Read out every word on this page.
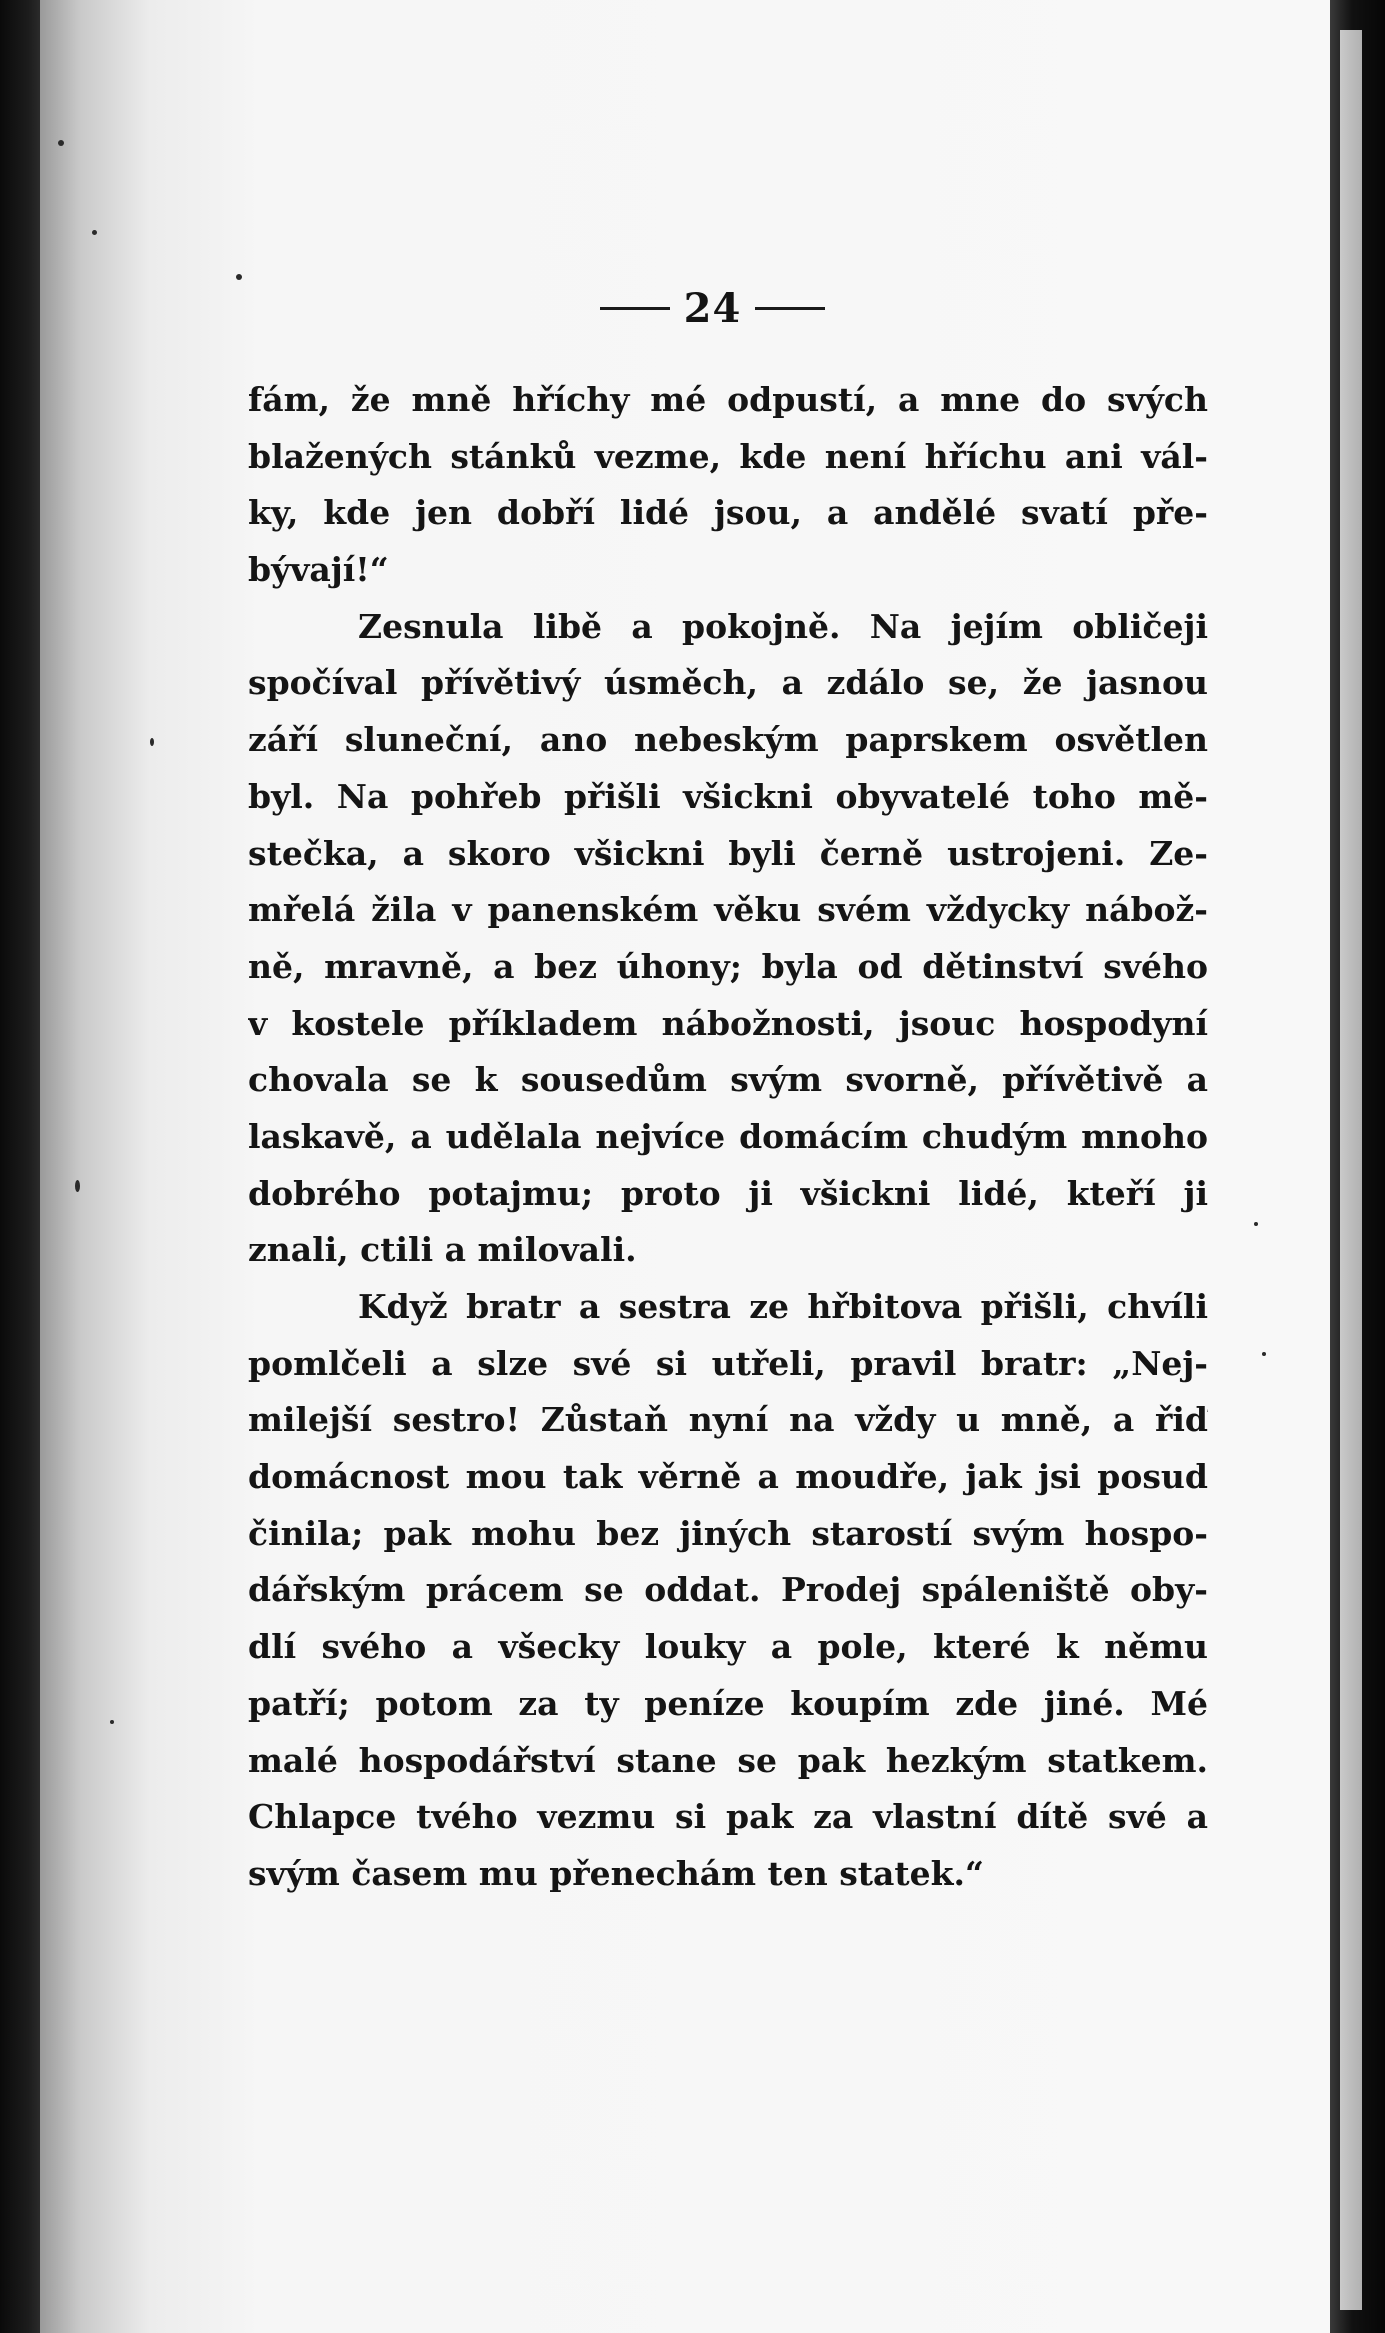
24
fám, že mně hříchy mé odpustí, a mne do svých
blažených stánků vezme, kde není hříchu ani vál-
ky, kde jen dobří lidé jsou, a andělé svatí pře-
bývají!“
Zesnula libě a pokojně. Na jejím obličeji
spočíval přívětivý úsměch, a zdálo se, že jasnou
září sluneční, ano nebeským paprskem osvětlen
byl. Na pohřeb přišli všickni obyvatelé toho mě-
stečka, a skoro všickni byli černě ustrojeni. Ze-
mřelá žila v panenském věku svém vždycky nábož-
ně, mravně, a bez úhony; byla od dětinství svého
v kostele příkladem nábožnosti, jsouc hospodyní
chovala se k sousedům svým svorně, přívětivě a
laskavě, a udělala nejvíce domácím chudým mnoho
dobrého potajmu; proto ji všickni lidé, kteří ji
znali, ctili a milovali.
Když bratr a sestra ze hřbitova přišli, chvíli
pomlčeli a slze své si utřeli, pravil bratr: „Nej-
milejší sestro! Zůstaň nyní na vždy u mně, a řiď
domácnost mou tak věrně a moudře, jak jsi posud
činila; pak mohu bez jiných starostí svým hospo-
dářským prácem se oddat. Prodej spáleniště oby-
dlí svého a všecky louky a pole, které k němu
patří; potom za ty peníze koupím zde jiné. Mé
malé hospodářství stane se pak hezkým statkem.
Chlapce tvého vezmu si pak za vlastní dítě své a
svým časem mu přenechám ten statek.“
